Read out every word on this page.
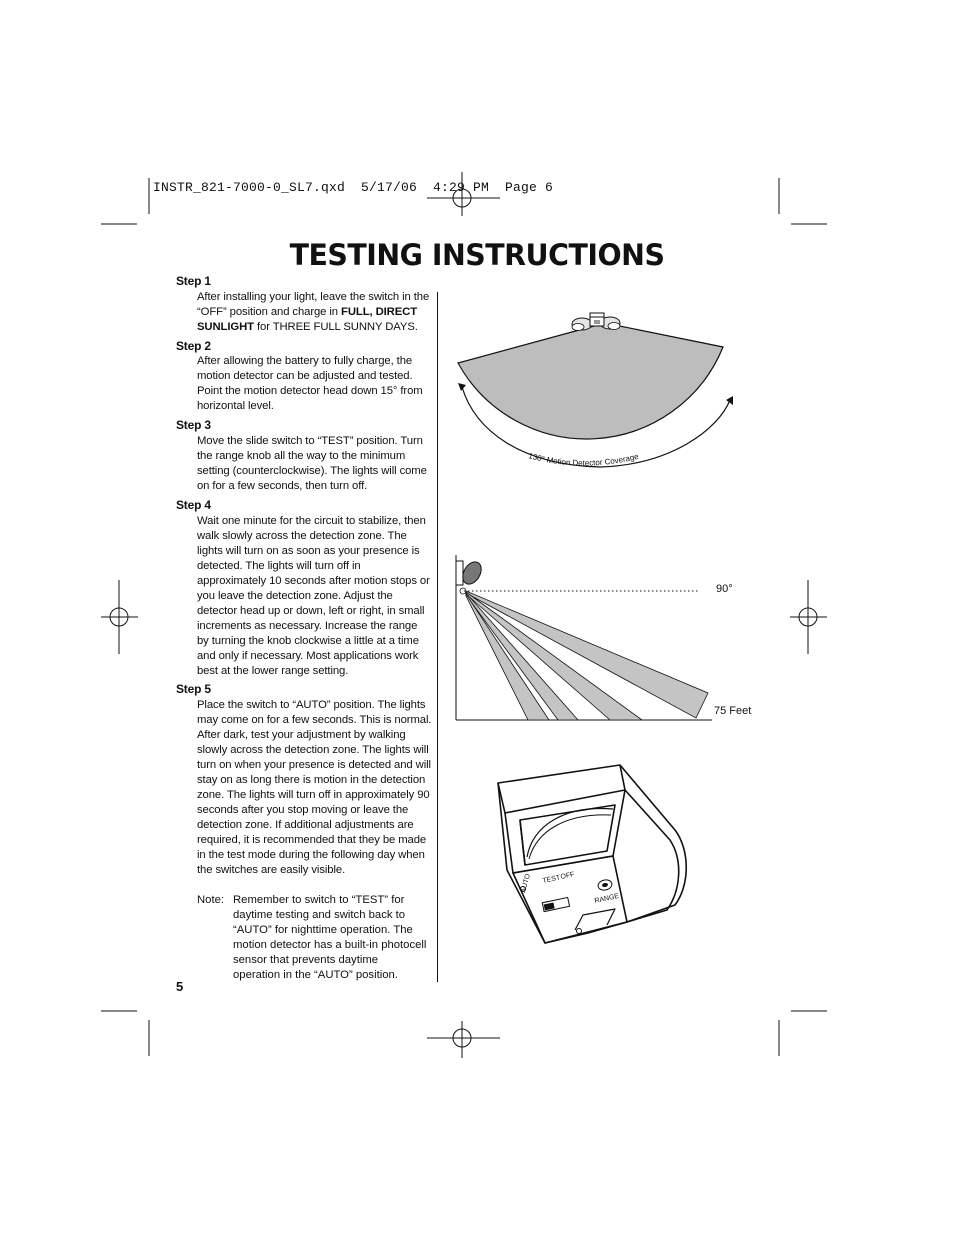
INSTR_821-7000-0_SL7.qxd  5/17/06  4:29 PM  Page 6
TESTING INSTRUCTIONS
Step 1
After installing your light, leave the switch in the “OFF” position and charge in FULL, DIRECT SUNLIGHT for THREE FULL SUNNY DAYS.
Step 2
After allowing the battery to fully charge, the motion detector can be adjusted and tested. Point the motion detector head down 15° from horizontal level.
Step 3
Move the slide switch to “TEST” position. Turn the range knob all the way to the minimum setting (counterclockwise). The lights will come on for a few seconds, then turn off.
Step 4
Wait one minute for the circuit to stabilize, then walk slowly across the detection zone. The lights will turn on as soon as your presence is detected. The lights will turn off in approximately 10 seconds after motion stops or you leave the detection zone. Adjust the detector head up or down, left or right, in small increments as necessary. Increase the range by turning the knob clockwise a little at a time and only if necessary. Most applications work best at the lower range setting.
Step 5
Place the switch to “AUTO” position. The lights may come on for a few seconds. This is normal. After dark, test your adjustment by walking slowly across the detection zone. The lights will turn on when your presence is detected and will stay on as long there is motion in the detection zone. The lights will turn off in approximately 90 seconds after you stop moving or leave the detection zone. If additional adjustments are required, it is recommended that they be made in the test mode during the following day when the switches are easily visible.
Note: Remember to switch to “TEST” for daytime testing and switch back to “AUTO” for nighttime operation. The motion detector has a built-in photocell sensor that prevents daytime operation in the “AUTO” position.
5
130° Motion Detector Coverage
90°
75 Feet
AUTO TEST OFF
RANGE
